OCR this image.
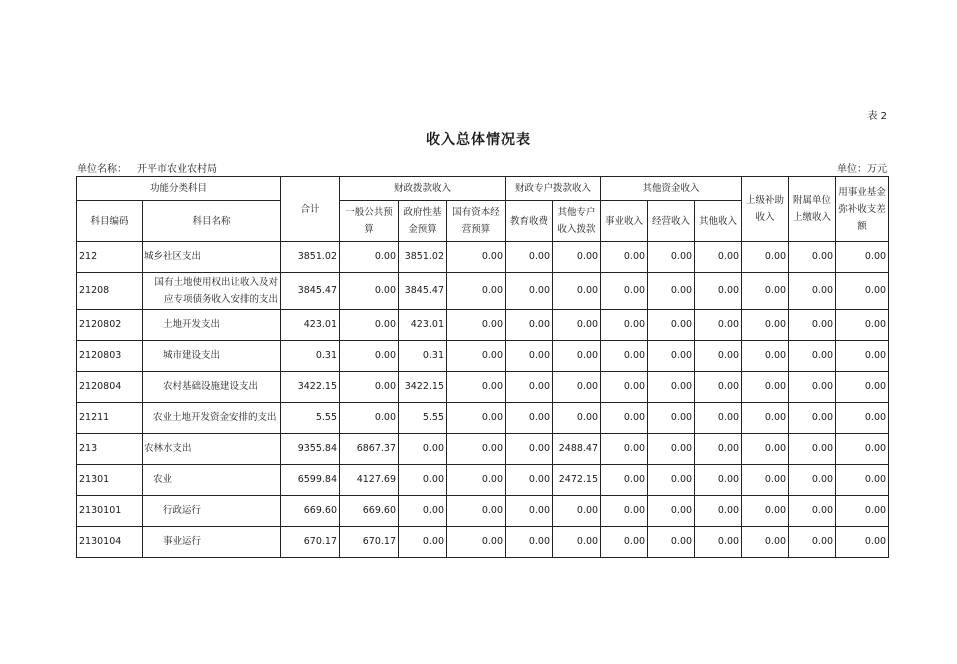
表 2
收入总体情况表
单位名称： 开平市农业农村局	单位：万元
功能分类科目		合计	财政拨款收入			财政专户拨款收入		其他资金收入			上级补助收入	附属单位上缴收入	用事业基金弥补收支差额
科目编码	科目名称		一般公共预算	政府性基金预算	国有资本经营预算	教育收费	其他专户收入拨款	事业收入	经营收入	其他收入			
212	城乡社区支出	3851.02	0.00	3851.02	0.00	0.00	0.00	0.00	0.00	0.00	0.00	0.00	0.00
21208	国有土地使用权出让收入及对应专项债务收入安排的支出	3845.47	0.00	3845.47	0.00	0.00	0.00	0.00	0.00	0.00	0.00	0.00	0.00
2120802	土地开发支出	423.01	0.00	423.01	0.00	0.00	0.00	0.00	0.00	0.00	0.00	0.00	0.00
2120803	城市建设支出	0.31	0.00	0.31	0.00	0.00	0.00	0.00	0.00	0.00	0.00	0.00	0.00
2120804	农村基础设施建设支出	3422.15	0.00	3422.15	0.00	0.00	0.00	0.00	0.00	0.00	0.00	0.00	0.00
21211	农业土地开发资金安排的支出	5.55	0.00	5.55	0.00	0.00	0.00	0.00	0.00	0.00	0.00	0.00	0.00
213	农林水支出	9355.84	6867.37	0.00	0.00	0.00	2488.47	0.00	0.00	0.00	0.00	0.00	0.00
21301	农业	6599.84	4127.69	0.00	0.00	0.00	2472.15	0.00	0.00	0.00	0.00	0.00	0.00
2130101	行政运行	669.60	669.60	0.00	0.00	0.00	0.00	0.00	0.00	0.00	0.00	0.00	0.00
2130104	事业运行	670.17	670.17	0.00	0.00	0.00	0.00	0.00	0.00	0.00	0.00	0.00	0.00
